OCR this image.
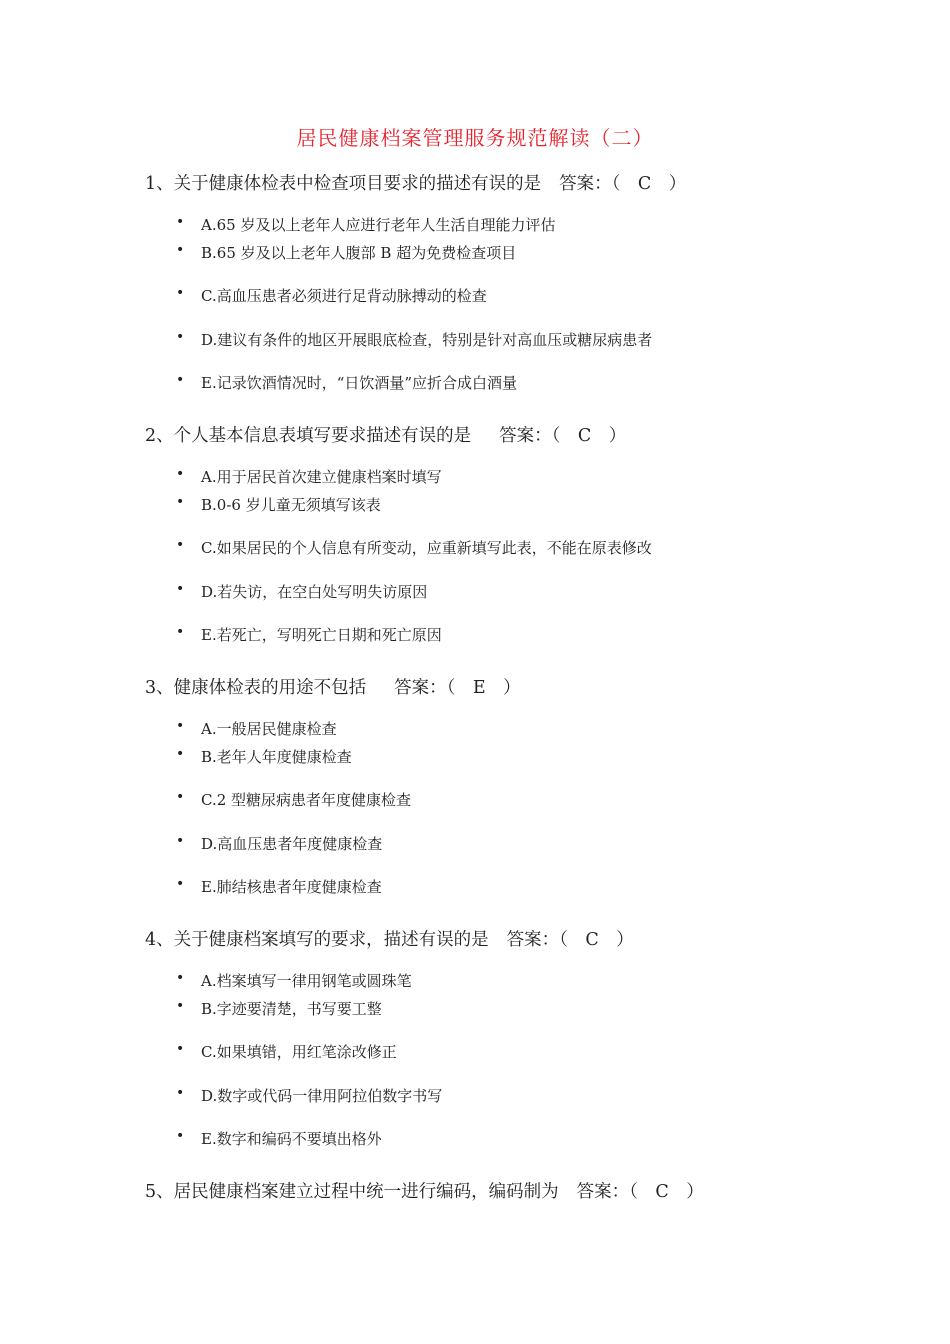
居民健康档案管理服务规范解读（二）
1、关于健康体检表中检查项目要求的描述有误的是 答案：（　C　）
• A.65 岁及以上老年人应进行老年人生活自理能力评估
• B.65 岁及以上老年人腹部 B 超为免费检查项目
• C.高血压患者必须进行足背动脉搏动的检查
• D.建议有条件的地区开展眼底检查，特别是针对高血压或糖尿病患者
• E.记录饮酒情况时，“日饮酒量”应折合成白酒量
2、个人基本信息表填写要求描述有误的是 答案：（　C　）
• A.用于居民首次建立健康档案时填写
• B.0-6 岁儿童无须填写该表
• C.如果居民的个人信息有所变动，应重新填写此表，不能在原表修改
• D.若失访，在空白处写明失访原因
• E.若死亡，写明死亡日期和死亡原因
3、健康体检表的用途不包括 答案：（　E　）
• A.一般居民健康检查
• B.老年人年度健康检查
• C.2 型糖尿病患者年度健康检查
• D.高血压患者年度健康检查
• E.肺结核患者年度健康检查
4、关于健康档案填写的要求，描述有误的是 答案：（　C　）
• A.档案填写一律用钢笔或圆珠笔
• B.字迹要清楚，书写要工整
• C.如果填错，用红笔涂改修正
• D.数字或代码一律用阿拉伯数字书写
• E.数字和编码不要填出格外
5、居民健康档案建立过程中统一进行编码，编码制为 答案：（　C　）
